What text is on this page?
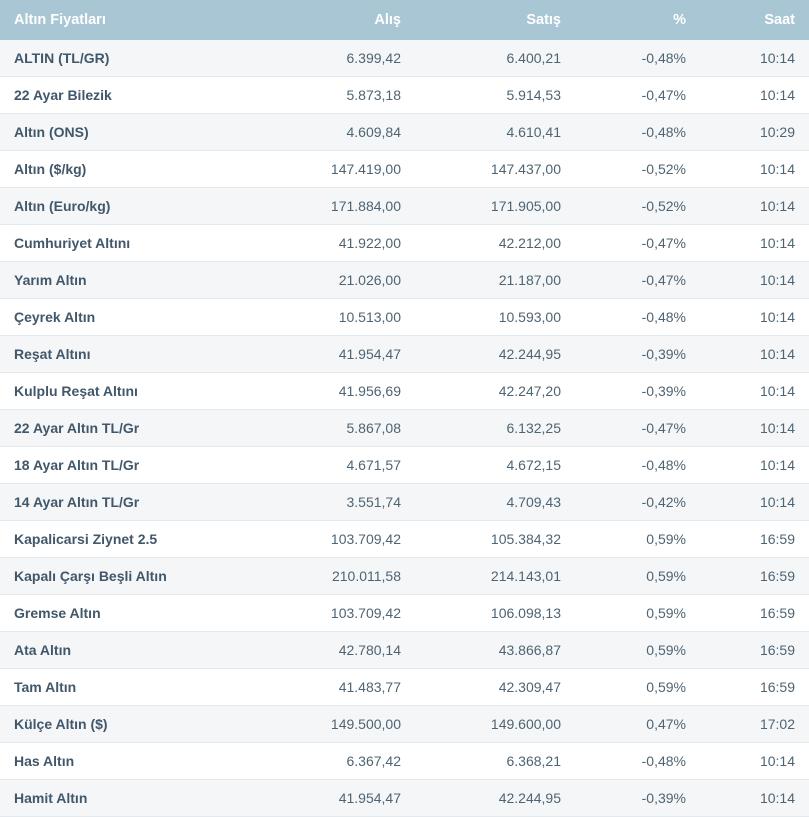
Altın Fiyatları	Alış	Satış	%	Saat
ALTIN (TL/GR)	6.399,42	6.400,21	-0,48%	10:14
22 Ayar Bilezik	5.873,18	5.914,53	-0,47%	10:14
Altın (ONS)	4.609,84	4.610,41	-0,48%	10:29
Altın ($/kg)	147.419,00	147.437,00	-0,52%	10:14
Altın (Euro/kg)	171.884,00	171.905,00	-0,52%	10:14
Cumhuriyet Altını	41.922,00	42.212,00	-0,47%	10:14
Yarım Altın	21.026,00	21.187,00	-0,47%	10:14
Çeyrek Altın	10.513,00	10.593,00	-0,48%	10:14
Reşat Altını	41.954,47	42.244,95	-0,39%	10:14
Kulplu Reşat Altını	41.956,69	42.247,20	-0,39%	10:14
22 Ayar Altın TL/Gr	5.867,08	6.132,25	-0,47%	10:14
18 Ayar Altın TL/Gr	4.671,57	4.672,15	-0,48%	10:14
14 Ayar Altın TL/Gr	3.551,74	4.709,43	-0,42%	10:14
Kapalicarsi Ziynet 2.5	103.709,42	105.384,32	0,59%	16:59
Kapalı Çarşı Beşli Altın	210.011,58	214.143,01	0,59%	16:59
Gremse Altın	103.709,42	106.098,13	0,59%	16:59
Ata Altın	42.780,14	43.866,87	0,59%	16:59
Tam Altın	41.483,77	42.309,47	0,59%	16:59
Külçe Altın ($)	149.500,00	149.600,00	0,47%	17:02
Has Altın	6.367,42	6.368,21	-0,48%	10:14
Hamit Altın	41.954,47	42.244,95	-0,39%	10:14
